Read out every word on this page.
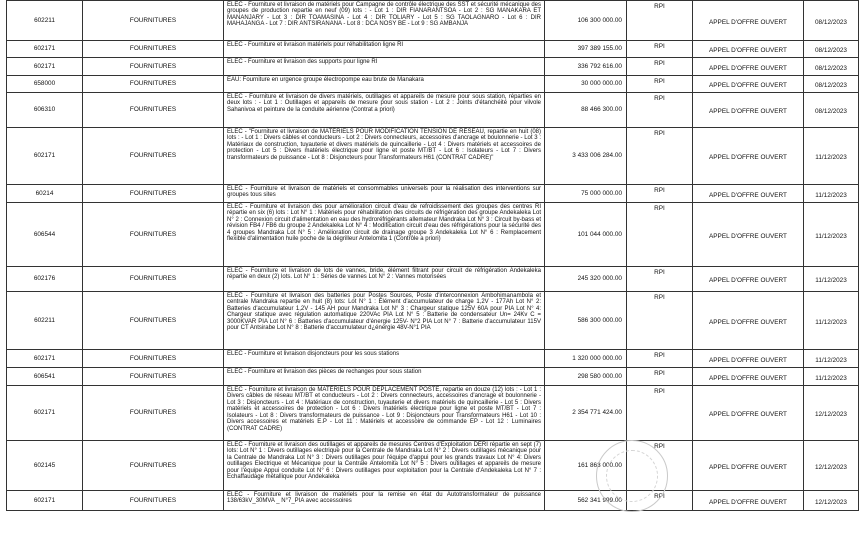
602211	FOURNITURES	ELEC - Fourniture et livraison de matériels pour Campagne de contrôle électrique des SST et sécurité mécanique des groupes de production repartie en neuf (09) lots : - Lot 1 : DIR FIANARANTSOA - Lot 2 : SG MANAKARA ET MANANJARY - Lot 3 : DIR TOAMASINA - Lot 4 : DIR TOLIARY - Lot 5 : SG TAOLAGNARO - Lot 6 : DIR MAHAJANGA - Lot 7 : DIR ANTSIRANANA - Lot 8 : DCA NOSY BE - Lot 9 : SG AMBANJA	106 300 000.00	RPI	APPEL D'OFFRE OUVERT	08/12/2023
602171	FOURNITURES	ELEC - Fourniture et livraison matériels pour réhabilitation ligne RI	397 389 155.00	RPI	APPEL D'OFFRE OUVERT	08/12/2023
602171	FOURNITURES	ELEC - Fourniture et livraison des supports pour ligne RI	336 792 616.00	RPI	APPEL D'OFFRE OUVERT	08/12/2023
658000	FOURNITURES	EAU: Fourniture en urgence groupe électropompe eau brute de Manakara	30 000 000.00	RPI	APPEL D'OFFRE OUVERT	08/12/2023
606310	FOURNITURES	ELEC - Fourniture et livraison de divers matériels, outillages et appareils de mesure pour sous station, réparties en deux lots : - Lot 1 : Outillages et appareils de mesure pour sous station - Lot 2 : Joints d'étanchéité pour vilvole Sahanivoa et peinture de la conduite aérienne (Contrat a priori)	88 466 300.00	RPI	APPEL D'OFFRE OUVERT	08/12/2023
602171	FOURNITURES	ELEC - "Fourniture et livraison de MATÉRIELS POUR MODIFICATION TENSION DE RÉSEAU, repartie en huit (08) lots : - Lot 1 : Divers câbles et conducteurs - Lot 2 : Divers connecteurs, accessoires d'ancrage et boulonnerie - Lot 3 : Matériaux de construction, tuyauterie et divers matériels de quincaillerie - Lot 4 : Divers matériels et accessoires de protection - Lot 5 : Divers matériels électrique pour ligne et poste MT/BT - Lot 6 : Isolateurs - Lot 7 : Divers transformateurs de puissance - Lot 8 : Disjoncteurs pour Transformateurs H61 (CONTRAT CADRE)"	3 433 006 284.00	RPI	APPEL D'OFFRE OUVERT	11/12/2023
60214	FOURNITURES	ELEC - Fourniture et livraison de matériels et consommables universels pour la réalisation des interventions sur groupes tous sites	75 000 000.00	RPI	APPEL D'OFFRE OUVERT	11/12/2023
606544	FOURNITURES	ELEC - Fourniture et livraison des pour amélioration circuit d'eau de refroidissement des groupes des centres RI répartie en six (6) lots : Lot N° 1 : Matériels pour réhabilitation des circuits de réfrigération des groupe Andekaleka Lot N° 2 : Connexion circuit d'alimentation en eau des hydroréfrigérants allemateur Mandraka Lot N° 3 : Circuit by-bass et révision FB4 / FB6 du groupe 2 Andekaleka Lot N° 4 : Modification circuit d'eau des réfrigérations pour la sécurité des 4 groupes Mandraka Lot N° 5 : Amélioration circuit de drainage groupe 3 Andekaleka Lot N° 6 : Remplacement flexible d'alimentation huile poche de la dégrilleur Antelomita 1 (Contrôle a priori)	101 044 000.00	RPI	APPEL D'OFFRE OUVERT	11/12/2023
602176	FOURNITURES	ELEC - Fourniture et livraison de lots de vannes, bride, élément filtrant pour circuit de réfrigération Andekaleka répartie en deux (2) lots. Lot N° 1 : Séries de vannes Lot N° 2 : Vannes motorisées	245 320 000.00	RPI	APPEL D'OFFRE OUVERT	11/12/2023
602211	FOURNITURES	ELEC - Fourniture et livraison des batteries pour Postes Sources, Poste d'interconnexion Ambohimanambola et centrale Mandraka repartie en huit (8) lots: Lot N° 1 : Élément d'accumulateur de charge 1,2V - 177Ah Lot N° 2: Batteries d'accumulateur 1,2V - 145 AH pour Mandraka Lot N° 3 : Chargeur statique 125V 60A pour PIA Lot N° 4: Chargeur statique avec régulation automatique 220VAc PIA Lot N° 5 : Batterie de condensateur Un= 24Kv C = 3000KVAR PIA Lot N° 6 : Batteries d'accumulateur d'énergie 125V- N°2 PIA Lot N° 7 : Batterie d'accumulateur 115V pour CT Antsirabe Lot N° 8 : Batterie d'accumulateur d¿énergie 48V-N°1 PIA	586 300 000.00	RPI	APPEL D'OFFRE OUVERT	11/12/2023
602171	FOURNITURES	ELEC - Fourniture et livraison disjoncteurs pour les sous stations	1 320 000 000.00	RPI	APPEL D'OFFRE OUVERT	11/12/2023
606541	FOURNITURES	ELEC - Fourniture et livraison des pièces de rechanges pour sous station	298 580 000.00	RPI	APPEL D'OFFRE OUVERT	11/12/2023
602171	FOURNITURES	ELEC - Fourniture et livraison de MATÉRIELS POUR DÉPLACEMENT POSTE, repartie en douze (12) lots : - Lot 1 : Divers câbles de réseau MT/BT et conducteurs - Lot 2 : Divers connecteurs, accessoires d'ancrage et boulonnerie - Lot 3 : Disjoncteurs - Lot 4 : Matériaux de construction, tuyauterie et divers matériels de quincaillerie - Lot 5 : Divers matériels et accessoires de protection - Lot 6 : Divers matériels électrique pour ligne et poste MT/BT - Lot 7 : Isolateurs - Lot 8 : Divers transformateurs de puissance - Lot 9 : Disjoncteurs pour Transformateurs H61 - Lot 10 : Divers accessoires et matériels E.P - Lot 11 : Matériels et accessoire de commande EP - Lot 12 : Luminaires (CONTRAT CADRE)	2 354 771 424.00	RPI	APPEL D'OFFRE OUVERT	12/12/2023
602145	FOURNITURES	ELEC - Fourniture et livraison des outillages et appareils de mesures Centres d'Exploitation DERI répartie en sept (7) lots: Lot N° 1 : Divers outillages electrique pour la Centrale de Mandraka Lot N° 2 : Divers outillages mécanique pour la Centrale de Mandraka Lot N° 3 : Divers outillages pour l'équipe d'appui pour les grands travaux Lot N° 4: Divers outillages Electrique et Mécanique pour la Centrale Antelomita Lot N° 5 : Divers outillages et appareils de mesure pour l'équipe Appui conduite Lot N° 6 : Divers outillages pour exploitation pour la Centrale d'Andekaleka Lot N° 7 : Echaffaudage métallique pour Andekaleka	161 863 000.00	RPI	APPEL D'OFFRE OUVERT	12/12/2023
602171	FOURNITURES	ELEC - Fourniture et livraison de matériels pour la remise en état du Autotransformateur de puissance 138/63kV_30MVA _ N°7_PIA avec accessoires	562 341 999.00	RPI	APPEL D'OFFRE OUVERT	12/12/2023
